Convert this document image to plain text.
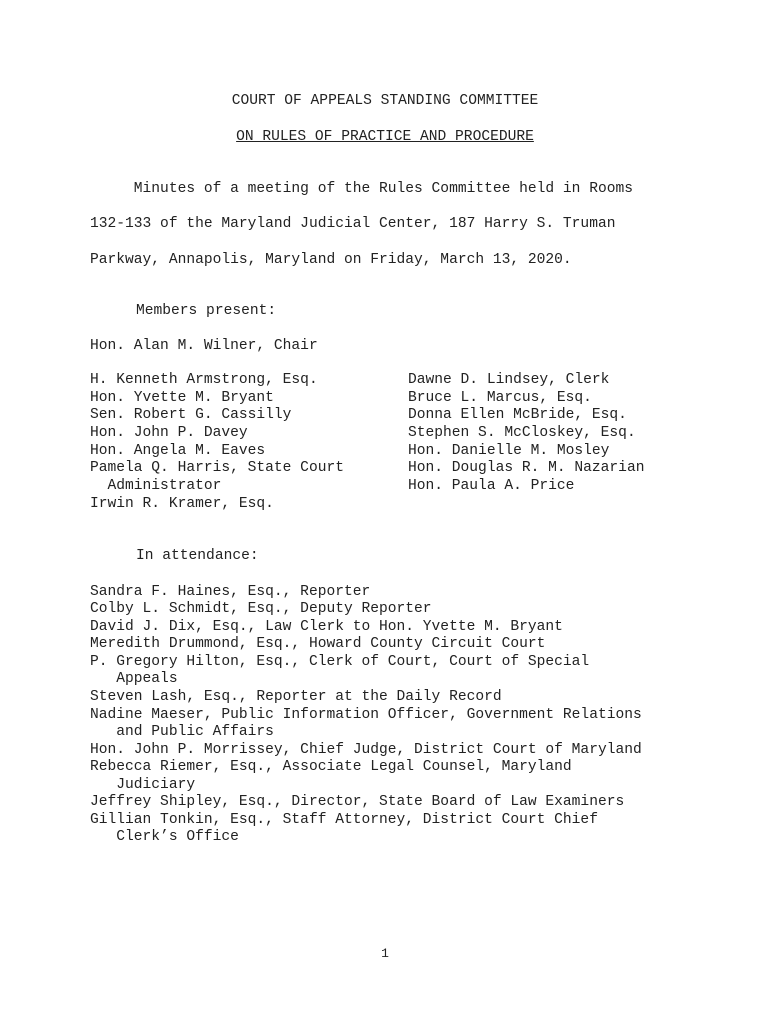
COURT OF APPEALS STANDING COMMITTEE
ON RULES OF PRACTICE AND PROCEDURE
Minutes of a meeting of the Rules Committee held in Rooms
132-133 of the Maryland Judicial Center, 187 Harry S. Truman
Parkway, Annapolis, Maryland on Friday, March 13, 2020.
Members present:
Hon. Alan M. Wilner, Chair
H. Kenneth Armstrong, Esq.
Hon. Yvette M. Bryant
Sen. Robert G. Cassilly
Hon. John P. Davey
Hon. Angela M. Eaves
Pamela Q. Harris, State Court
Administrator
Irwin R. Kramer, Esq.
Dawne D. Lindsey, Clerk
Bruce L. Marcus, Esq.
Donna Ellen McBride, Esq.
Stephen S. McCloskey, Esq.
Hon. Danielle M. Mosley
Hon. Douglas R. M. Nazarian
Hon. Paula A. Price
In attendance:
Sandra F. Haines, Esq., Reporter
Colby L. Schmidt, Esq., Deputy Reporter
David J. Dix, Esq., Law Clerk to Hon. Yvette M. Bryant
Meredith Drummond, Esq., Howard County Circuit Court
P. Gregory Hilton, Esq., Clerk of Court, Court of Special
Appeals
Steven Lash, Esq., Reporter at the Daily Record
Nadine Maeser, Public Information Officer, Government Relations
and Public Affairs
Hon. John P. Morrissey, Chief Judge, District Court of Maryland
Rebecca Riemer, Esq., Associate Legal Counsel, Maryland
Judiciary
Jeffrey Shipley, Esq., Director, State Board of Law Examiners
Gillian Tonkin, Esq., Staff Attorney, District Court Chief
Clerk’s Office
1
